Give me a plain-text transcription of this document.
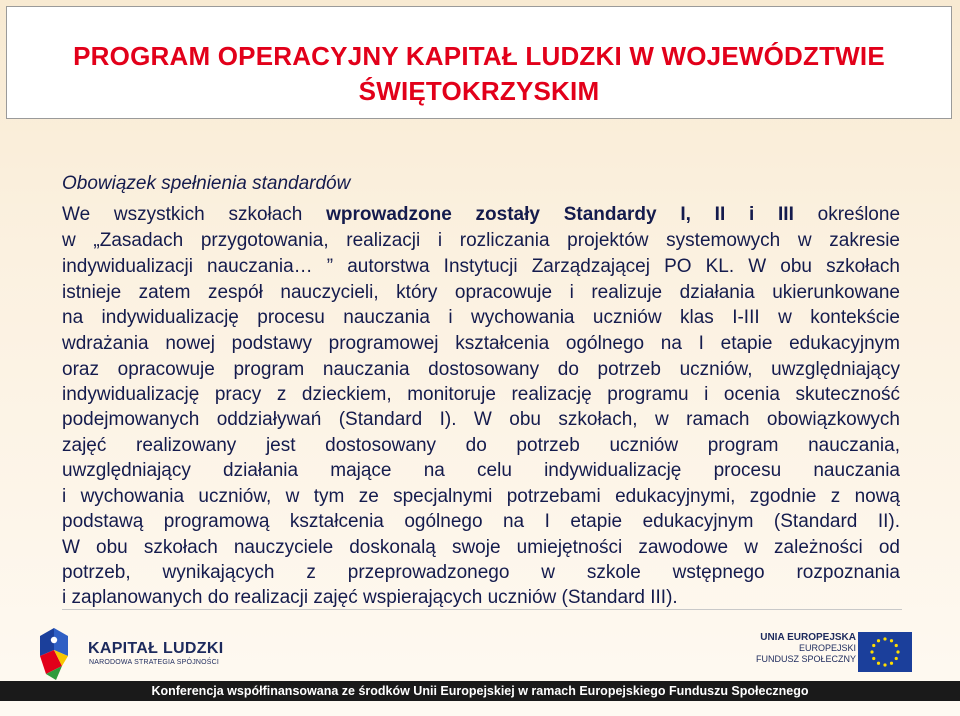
PROGRAM OPERACYJNY KAPITAŁ LUDZKI W WOJEWÓDZTWIE
ŚWIĘTOKRZYSKIM
Obowiązek spełnienia standardów
We wszystkich szkołach wprowadzone zostały Standardy I, II i III określone
w „Zasadach przygotowania, realizacji i rozliczania projektów systemowych w zakresie
indywidualizacji nauczania… ” autorstwa Instytucji Zarządzającej PO KL. W obu szkołach
istnieje zatem zespół nauczycieli, który opracowuje i realizuje działania ukierunkowane
na indywidualizację procesu nauczania i wychowania uczniów klas I-III w kontekście
wdrażania nowej podstawy programowej kształcenia ogólnego na I etapie edukacyjnym
oraz opracowuje program nauczania dostosowany do potrzeb uczniów, uwzględniający
indywidualizację pracy z dzieckiem, monitoruje realizację programu i ocenia skuteczność
podejmowanych oddziaływań (Standard I). W obu szkołach, w ramach obowiązkowych
zajęć realizowany jest dostosowany do potrzeb uczniów program nauczania,
uwzględniający działania mające na celu indywidualizację procesu nauczania
i wychowania uczniów, w tym ze specjalnymi potrzebami edukacyjnymi, zgodnie z nową
podstawą programową kształcenia ogólnego na I etapie edukacyjnym (Standard II).
W obu szkołach nauczyciele doskonalą swoje umiejętności zawodowe w zależności od
potrzeb, wynikających z przeprowadzonego w szkole wstępnego rozpoznania
i zaplanowanych do realizacji zajęć wspierających uczniów (Standard III).
KAPITAŁ LUDZKI
NARODOWA STRATEGIA SPÓJNOŚCI
UNIA EUROPEJSKA
EUROPEJSKI
FUNDUSZ SPOŁECZNY
Konferencja współfinansowana ze środków Unii Europejskiej w ramach Europejskiego Funduszu Społecznego
